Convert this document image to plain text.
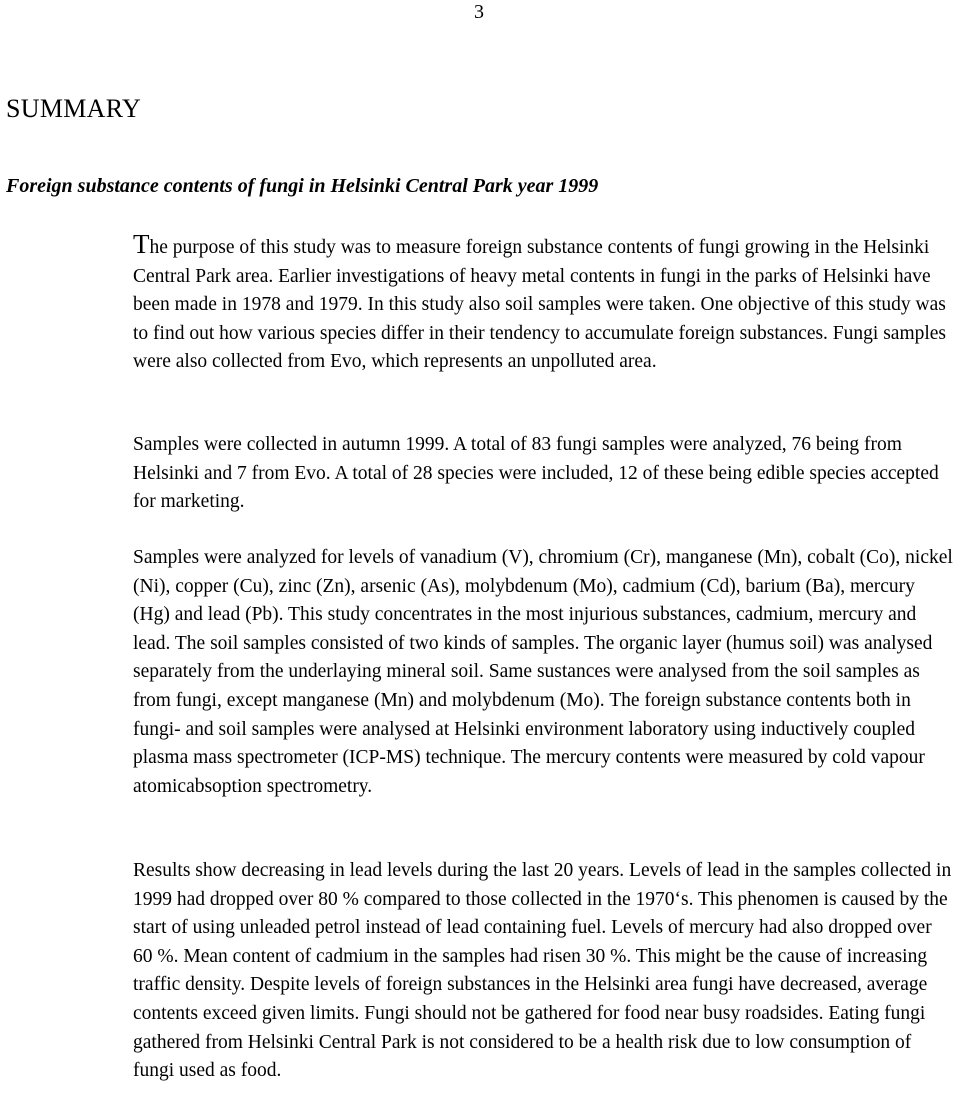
3
SUMMARY
Foreign substance contents of fungi in Helsinki Central Park year 1999

The purpose of this study was to measure foreign substance contents of fungi growing in the Helsinki Central Park area. Earlier investigations of heavy metal contents in fungi in the parks of Helsinki have been made in 1978 and 1979. In this study also soil samples were taken. One objective of this study was to find out how various species differ in their tendency to accumulate foreign substances. Fungi samples were also collected from Evo, which represents an unpolluted area.

Samples were collected in autumn 1999. A total of 83 fungi samples were analyzed, 76 being from Helsinki and 7 from Evo. A total of 28 species were included, 12 of these being edible species accepted for marketing.

Samples were analyzed for levels of vanadium (V), chromium (Cr), manganese (Mn), cobalt (Co), nickel (Ni), copper (Cu), zinc (Zn), arsenic (As), molybdenum (Mo), cadmium (Cd), barium (Ba), mercury (Hg) and lead (Pb). This study concentrates in the most injurious substances, cadmium, mercury and lead. The soil samples consisted of two kinds of samples. The organic layer (humus soil) was analysed separately from the underlaying mineral soil. Same sustances were analysed from the soil samples as from fungi, except manganese (Mn) and molybdenum (Mo). The foreign substance contents both in fungi- and soil samples were analysed at Helsinki environment laboratory using inductively coupled plasma mass spectrometer (ICP-MS) technique. The mercury contents were measured by cold vapour atomicabsoption spectrometry.

Results show decreasing in lead levels during the last 20 years. Levels of lead in the samples collected in 1999 had dropped over 80 % compared to those collected in the 1970‘s. This phenomen is caused by the start of using unleaded petrol instead of lead containing fuel. Levels of mercury had also dropped over 60 %. Mean content of cadmium in the samples had risen 30 %. This might be the cause of increasing traffic density. Despite levels of foreign substances in the Helsinki area fungi have decreased, average contents exceed given limits. Fungi should not be gathered for food near busy roadsides. Eating fungi gathered from Helsinki Central Park is not considered to be a health risk due to low consumption of fungi used as food.
